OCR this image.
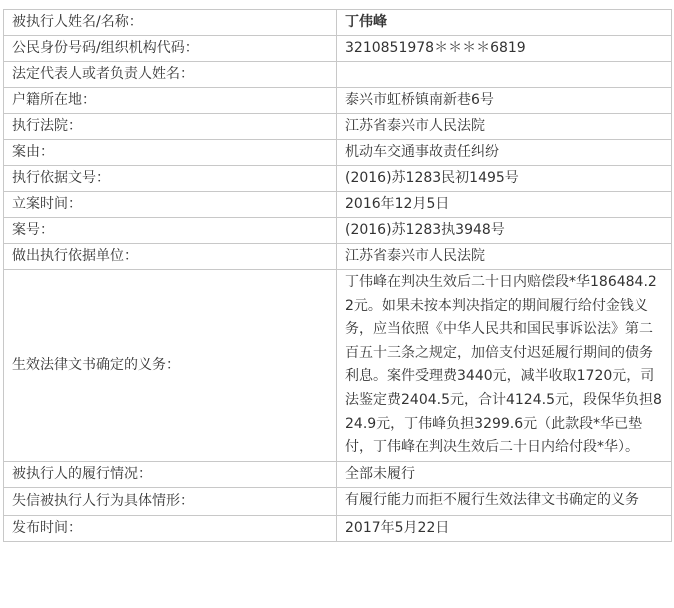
被执行人姓名/名称：	丁伟峰
公民身份号码/组织机构代码：	3210851978＊＊＊＊6819
法定代表人或者负责人姓名：	
户籍所在地：	泰兴市虹桥镇南新巷6号
执行法院：	江苏省泰兴市人民法院
案由：	机动车交通事故责任纠纷
执行依据文号：	(2016)苏1283民初1495号
立案时间：	2016年12月5日
案号：	(2016)苏1283执3948号
做出执行依据单位：	江苏省泰兴市人民法院
生效法律文书确定的义务：	丁伟峰在判决生效后二十日内赔偿段*华186484.22元。如果未按本判决指定的期间履行给付金钱义务，应当依照《中华人民共和国民事诉讼法》第二百五十三条之规定，加倍支付迟延履行期间的债务利息。案件受理费3440元，减半收取1720元，司法鉴定费2404.5元，合计4124.5元，段保华负担824.9元，丁伟峰负担3299.6元（此款段*华已垫付，丁伟峰在判决生效后二十日内给付段*华）。
被执行人的履行情况：	全部未履行
失信被执行人行为具体情形：	有履行能力而拒不履行生效法律文书确定的义务
发布时间：	2017年5月22日
